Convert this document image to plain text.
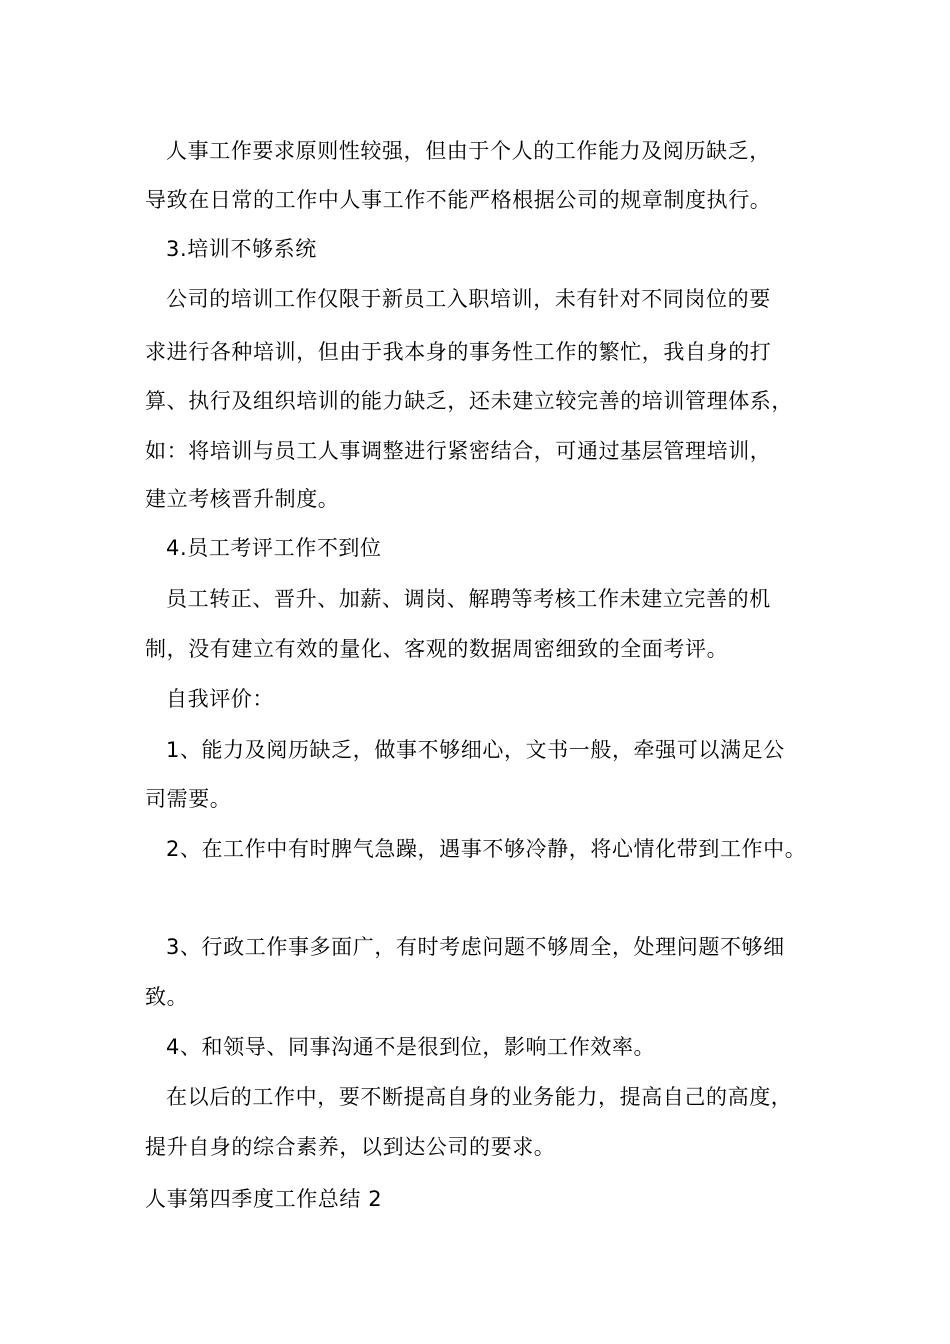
人事工作要求原则性较强，但由于个人的工作能力及阅历缺乏，
导致在日常的工作中人事工作不能严格根据公司的规章制度执行。
3.培训不够系统
公司的培训工作仅限于新员工入职培训，未有针对不同岗位的要
求进行各种培训，但由于我本身的事务性工作的繁忙，我自身的打
算、执行及组织培训的能力缺乏，还未建立较完善的培训管理体系，
如：将培训与员工人事调整进行紧密结合，可通过基层管理培训，
建立考核晋升制度。
4.员工考评工作不到位
员工转正、晋升、加薪、调岗、解聘等考核工作未建立完善的机
制，没有建立有效的量化、客观的数据周密细致的全面考评。
自我评价：
1、能力及阅历缺乏，做事不够细心，文书一般，牵强可以满足公
司需要。
2、在工作中有时脾气急躁，遇事不够冷静，将心情化带到工作中。
3、行政工作事多面广，有时考虑问题不够周全，处理问题不够细
致。
4、和领导、同事沟通不是很到位，影响工作效率。
在以后的工作中，要不断提高自身的业务能力，提高自己的高度，
提升自身的综合素养，以到达公司的要求。
人事第四季度工作总结 2
